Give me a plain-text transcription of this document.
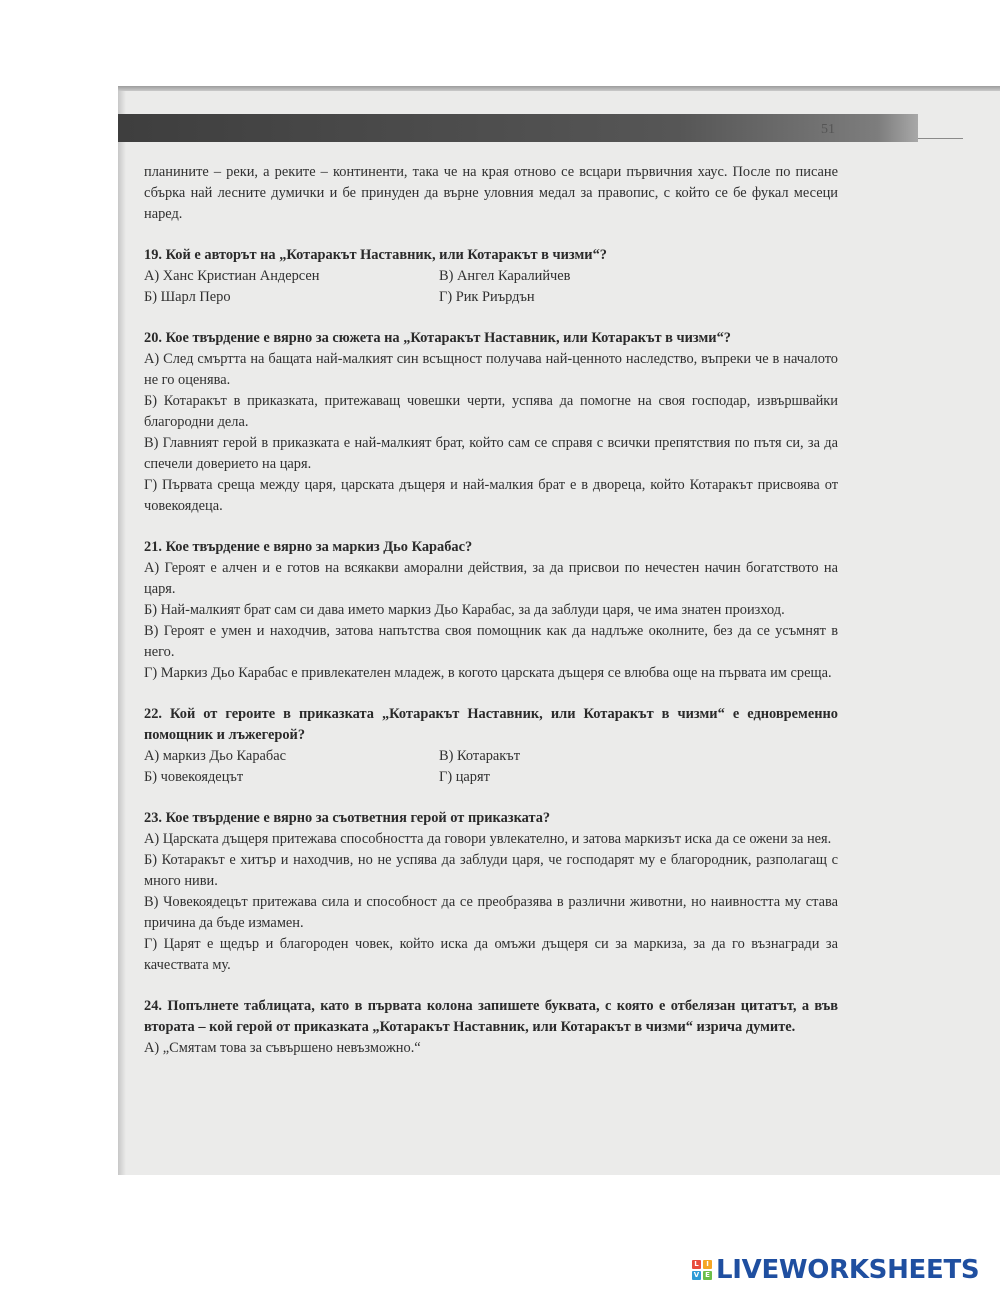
51

планините – реки, а реките – континенти, така че на края отново се всцари първичния хаус. После по писане сбърка най лесните думички и бе принуден да върне уловния медал за правопис, с който се бе фукал месеци наред.

19. Кой е авторът на „Котаракът Наставник, или Котаракът в чизми“?

А) Ханс Кристиан Андерсен	В) Ангел Каралийчев
Б) Шарл Перо	Г) Рик Риърдън

20. Кое твърдение е вярно за сюжета на „Котаракът Наставник, или Котаракът в чизми“?

А) След смъртта на бащата най-малкият син всъщност получава най-ценното наследство, въпреки че в началото не го оценява.

Б) Котаракът в приказката, притежаващ човешки черти, успява да помогне на своя господар, извършвайки благородни дела.

В) Главният герой в приказката е най-малкият брат, който сам се справя с всички препятствия по пътя си, за да спечели доверието на царя.

Г) Първата среща между царя, царската дъщеря и най-малкия брат е в двореца, който Котаракът присвоява от човекоядеца.

21. Кое твърдение е вярно за маркиз Дьо Карабас?

А) Героят е алчен и е готов на всякакви аморални действия, за да присвои по нечестен начин богатството на царя.

Б) Най-малкият брат сам си дава името маркиз Дьо Карабас, за да заблуди царя, че има знатен произход.

В) Героят е умен и находчив, затова напътства своя помощник как да надлъже околните, без да се усъмнят в него.

Г) Маркиз Дьо Карабас е привлекателен младеж, в когото царската дъщеря се влюбва още на първата им среща.

22. Кой от героите в приказката „Котаракът Наставник, или Котаракът в чизми“ е едновременно помощник и лъжегерой?

А) маркиз Дьо Карабас	В) Котаракът
Б) човекоядецът	Г) царят

23. Кое твърдение е вярно за съответния герой от приказката?

А) Царската дъщеря притежава способността да говори увлекателно, и затова маркизът иска да се ожени за нея.

Б) Котаракът е хитър и находчив, но не успява да заблуди царя, че господарят му е благородник, разполагащ с много ниви.

В) Човекоядецът притежава сила и способност да се преобразява в различни животни, но наивността му става причина да бъде измамен.

Г) Царят е щедър и благороден човек, който иска да омъжи дъщеря си за маркиза, за да го възнагради за качествата му.

24. Попълнете таблицата, като в първата колона запишете буквата, с която е отбелязан цитатът, а във втората – кой герой от приказката „Котаракът Наставник, или Котаракът в чизми“ изрича думите.

А) „Смятам това за съвършено невъзможно.“

L	I
V E LIVEWORKSHEETS
